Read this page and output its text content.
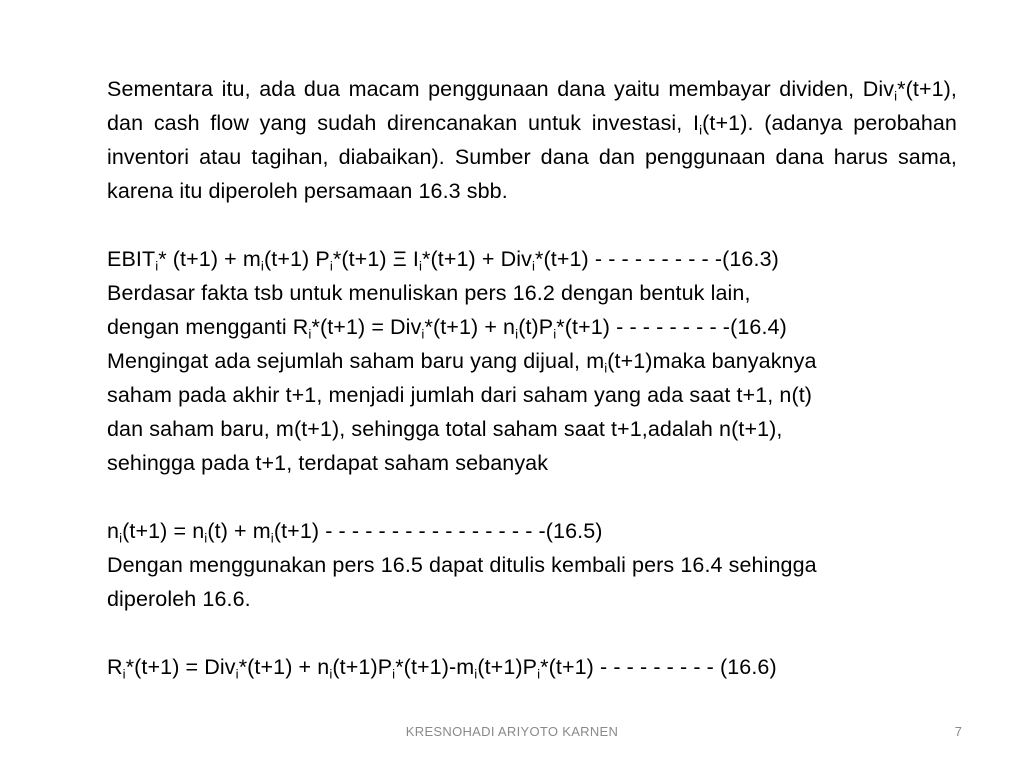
Sementara itu, ada dua macam penggunaan dana yaitu membayar dividen, Div$_i$*(t+1), dan cash flow yang sudah direncanakan untuk investasi, $I_i(t+1)$. (adanya perobahan inventori atau tagihan, diabaikan). Sumber dana dan penggunaan dana harus sama, karena itu diperoleh persamaan 16.3 sbb.

$EBIT_i*$ $(t+1) + m_i(t+1)$ $P_i*(t+1)$ Ξ $I_i*(t+1) + Div_i*(t+1)$ - - - - - - - - - -(16.3)
Berdasar fakta tsb untuk menuliskan pers 16.2 dengan bentuk lain,
dengan mengganti $R_i*(t+1) = Div_i*(t+1) + n_i(t)P_i*(t+1)$ - - - - - - - - -(16.4)
Mengingat ada sejumlah saham baru yang dijual, $m_i(t+1)maka$ banyaknya
saham pada akhir t+1, menjadi jumlah dari saham yang ada saat t+1, n(t)
dan saham baru, m(t+1), sehingga total saham saat t+1,adalah n(t+1),
sehingga pada t+1, terdapat saham sebanyak
$n_i(t+1) = n_i(t) + m_i(t+1)$ - - - - - - - - - - - - - - - - -(16.5)
Dengan menggunakan pers 16.5 dapat ditulis kembali pers 16.4 sehingga
diperoleh 16.6.
$R_i*(t+1) = Div_i*(t+1) + n_i(t+1)P_i*(t+1)-m_i(t+1)P_i*(t+1)$ - - - - - - - - - (16.6)
KRESNOHADI ARIYOTO KARNEN	7
